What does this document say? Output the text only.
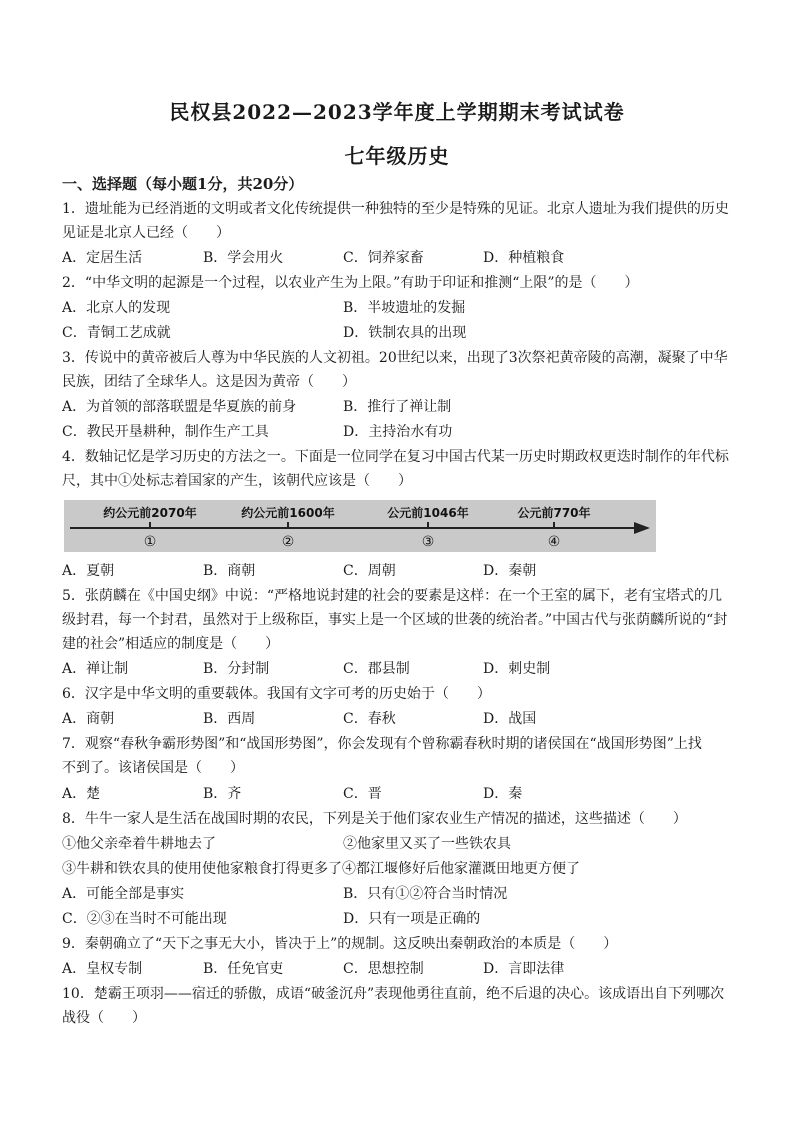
民权县2022—2023学年度上学期期末考试试卷
七年级历史
一、选择题（每小题1分，共20分）
1．遗址能为已经消逝的文明或者文化传统提供一种独特的至少是特殊的见证。北京人遗址为我们提供的历史
见证是北京人已经（　　）
A．定居生活	B．学会用火	C．饲养家畜	D．种植粮食
2．“中华文明的起源是一个过程，以农业产生为上限。”有助于印证和推测“上限”的是（　　）
A．北京人的发现	B．半坡遗址的发掘
C．青铜工艺成就	D．铁制农具的出现
3．传说中的黄帝被后人尊为中华民族的人文初祖。20世纪以来，出现了3次祭祀黄帝陵的高潮，凝聚了中华
民族，团结了全球华人。这是因为黄帝（　　）
A．为首领的部落联盟是华夏族的前身	B．推行了禅让制
C．教民开垦耕种，制作生产工具	D．主持治水有功
4．数轴记忆是学习历史的方法之一。下面是一位同学在复习中国古代某一历史时期政权更迭时制作的年代标
尺，其中①处标志着国家的产生，该朝代应该是（　　）
约公元前2070年	约公元前1600年	公元前1046年	公元前770年
①	②	③	④
A．夏朝	B．商朝	C．周朝	D．秦朝
5．张荫麟在《中国史纲》中说：“严格地说封建的社会的要素是这样：在一个王室的属下，老有宝塔式的几
级封君，每一个封君，虽然对于上级称臣，事实上是一个区域的世袭的统治者。”中国古代与张荫麟所说的“封
建的社会”相适应的制度是（　　）
A．禅让制	B．分封制	C．郡县制	D．刺史制
6．汉字是中华文明的重要载体。我国有文字可考的历史始于（　　）
A．商朝	B．西周	C．春秋	D．战国
7．观察“春秋争霸形势图”和“战国形势图”，你会发现有个曾称霸春秋时期的诸侯国在“战国形势图”上找
不到了。该诸侯国是（　　）
A．楚	B．齐	C．晋	D．秦
8．牛牛一家人是生活在战国时期的农民，下列是关于他们家农业生产情况的描述，这些描述（　　）
①他父亲牵着牛耕地去了	②他家里又买了一些铁农具
③牛耕和铁农具的使用使他家粮食打得更多了④都江堰修好后他家灌溉田地更方便了
A．可能全部是事实	B．只有①②符合当时情况
C．②③在当时不可能出现	D．只有一项是正确的
9．秦朝确立了“天下之事无大小，皆决于上”的规制。这反映出秦朝政治的本质是（　　）
A．皇权专制	B．任免官吏	C．思想控制	D．言即法律
10．楚霸王项羽——宿迁的骄傲，成语“破釜沉舟”表现他勇往直前，绝不后退的决心。该成语出自下列哪次
战役（　　）
